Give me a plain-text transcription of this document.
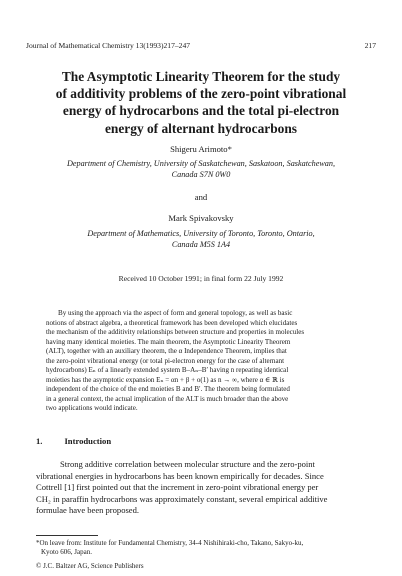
Journal of Mathematical Chemistry 13(1993)217–247	217
The Asymptotic Linearity Theorem for the study
of additivity problems of the zero-point vibrational
energy of hydrocarbons and the total pi-electron
energy of alternant hydrocarbons
Shigeru Arimoto*
Department of Chemistry, University of Saskatchewan, Saskatoon, Saskatchewan,
Canada S7N 0W0
and
Mark Spivakovsky
Department of Mathematics, University of Toronto, Toronto, Ontario,
Canada M5S 1A4
Received 10 October 1991; in final form 22 July 1992
By using the approach via the aspect of form and general topology, as well as basic
notions of abstract algebra, a theoretical framework has been developed which elucidates
the mechanism of the additivity relationships between structure and properties in molecules
having many identical moieties. The main theorem, the Asymptotic Linearity Theorem
(ALT), together with an auxiliary theorem, the α Independence Theorem, implies that
the zero-point vibrational energy (or total pi-electron energy for the case of alternant
hydrocarbons) Eₙ of a linearly extended system B–Aₙ–B′ having n repeating identical
moieties has the asymptotic expansion Eₙ = αn + β + o(1) as n → ∞, where α ∈ ℝ is
independent of the choice of the end moieties B and B′. The theorem being formulated
in a general context, the actual implication of the ALT is much broader than the above
two applications would indicate.
1.	Introduction
Strong additive correlation between molecular structure and the zero-point
vibrational energies in hydrocarbons has been known empirically for decades. Since
Cottrell [1] first pointed out that the increment in zero-point vibrational energy per
CH₂ in paraffin hydrocarbons was approximately constant, several empirical additive
formulae have been proposed.
*On leave from: Institute for Fundamental Chemistry, 34-4 Nishihiraki-cho, Takano, Sakyo-ku,
Kyoto 606, Japan.
© J.C. Baltzer AG, Science Publishers
